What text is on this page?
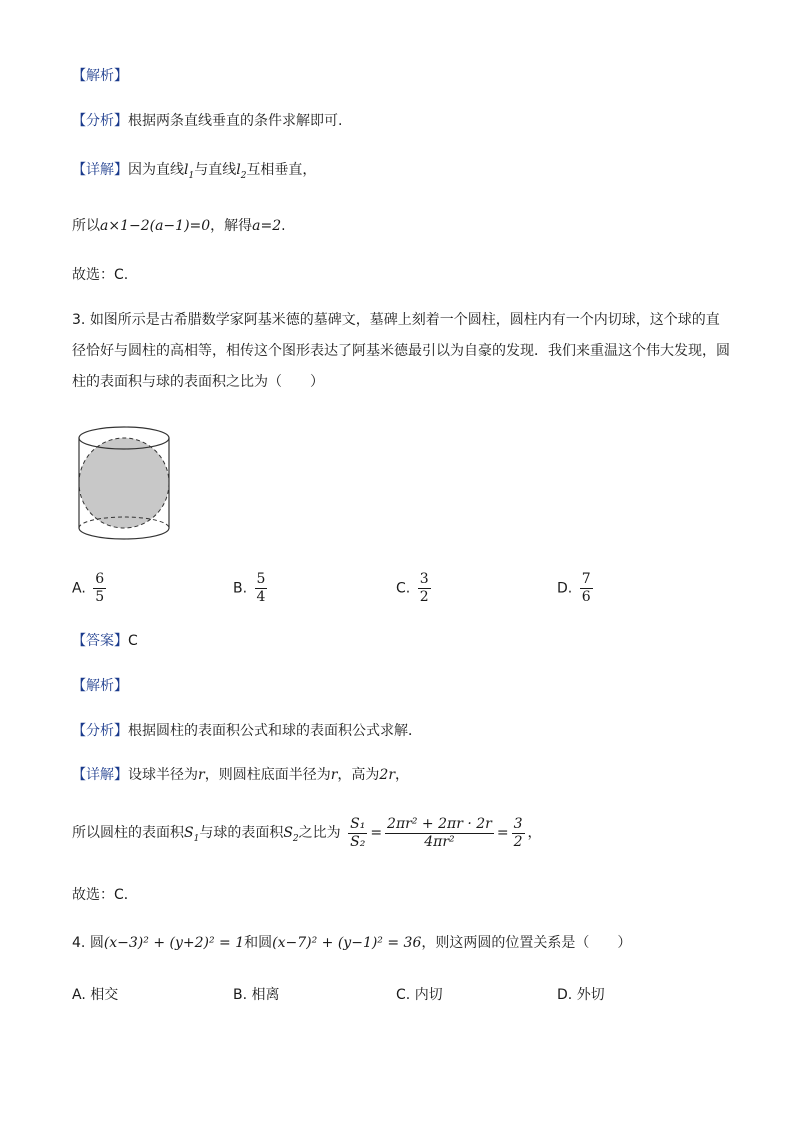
【解析】
【分析】根据两条直线垂直的条件求解即可.
【详解】因为直线$l_1$与直线$l_2$互相垂直，
所以a×1−2(a−1)=0，解得a=2.
故选：C.
3. 如图所示是古希腊数学家阿基米德的墓碑文，墓碑上刻着一个圆柱，圆柱内有一个内切球，这个球的直径恰好与圆柱的高相等，相传这个图形表达了阿基米德最引以为自豪的发现．我们来重温这个伟大发现，圆柱的表面积与球的表面积之比为（　　）
A. $\frac{6}{5}$	B. $\frac{5}{4}$	C. $\frac{3}{2}$	D. $\frac{7}{6}$
【答案】C
【解析】
【分析】根据圆柱的表面积公式和球的表面积公式求解．
【详解】设球半径为r，则圆柱底面半径为r，高为2r，
所以圆柱的表面积$S_1$与球的表面积$S_2$之比为 $\frac{\text{S₁}}{\text{S₂}} = \frac{\text{2πr² + 2πr · 2r}}{\text{4πr²}} = \frac{3}{2}$ ，
故选：C．
4. 圆(x−3)² + (y+2)² = 1和圆(x−7)² + (y−1)² = 36，则这两圆的位置关系是（　　）
A. 相交	B. 相离	C. 内切	D. 外切
